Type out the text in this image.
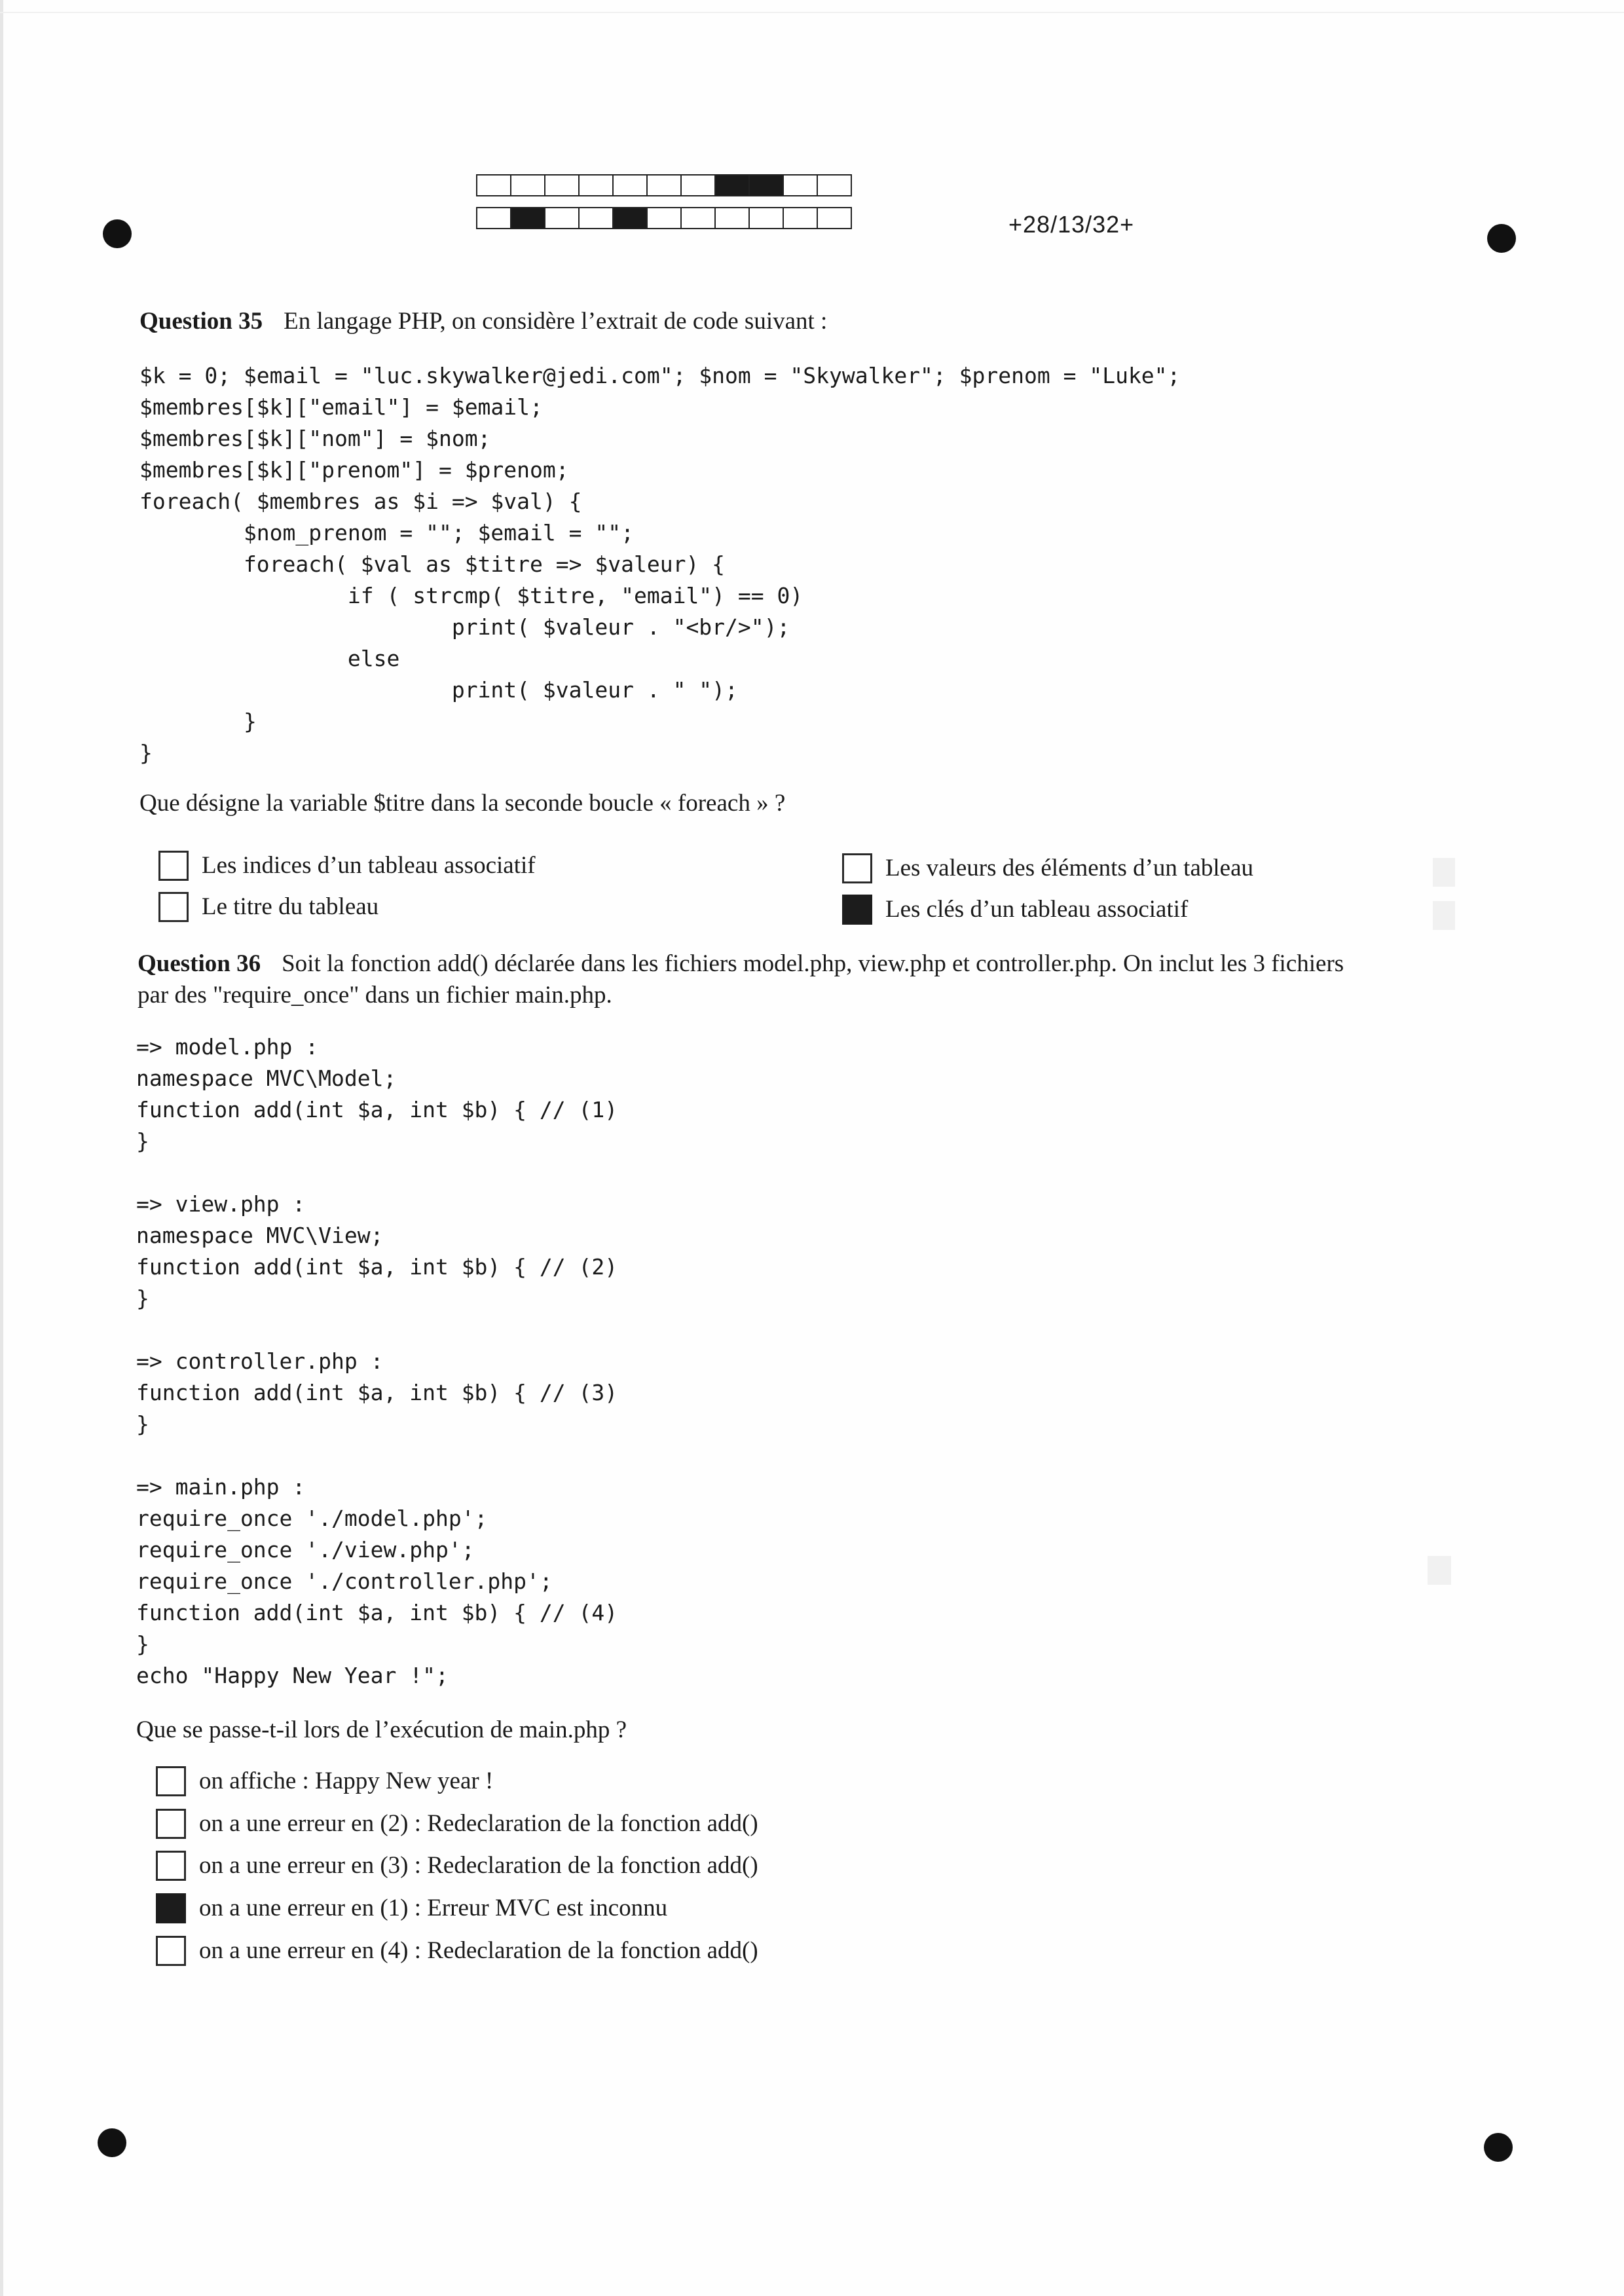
+28/13/32+
Question 35 En langage PHP, on considère l’extrait de code suivant :
$k = 0; $email = "luc.skywalker@jedi.com"; $nom = "Skywalker"; $prenom = "Luke";
$membres[$k]["email"] = $email;
$membres[$k]["nom"] = $nom;
$membres[$k]["prenom"] = $prenom;
foreach( $membres as $i => $val) {
$nom_prenom = ""; $email = "";
foreach( $val as $titre => $valeur) {
if ( strcmp( $titre, "email") == 0)
print( $valeur . "<br/>");
else
print( $valeur . " ");
}
}
Que désigne la variable $titre dans la seconde boucle « foreach » ?
Les indices d’un tableau associatif	Les valeurs des éléments d’un tableau
Le titre du tableau	Les clés d’un tableau associatif
Question 36 Soit la fonction add() déclarée dans les fichiers model.php, view.php et controller.php. On inclut les 3 fichiers
par des "require_once" dans un fichier main.php.
=> model.php :
namespace MVC\Model;
function add(int $a, int $b) { // (1)
}

=> view.php :
namespace MVC\View;
function add(int $a, int $b) { // (2)
}

=> controller.php :
function add(int $a, int $b) { // (3)
}

=> main.php :
require_once './model.php';
require_once './view.php';
require_once './controller.php';
function add(int $a, int $b) { // (4)
}
echo "Happy New Year !";
Que se passe-t-il lors de l’exécution de main.php ?
on affiche : Happy New year !
on a une erreur en (2) : Redeclaration de la fonction add()
on a une erreur en (3) : Redeclaration de la fonction add()
on a une erreur en (1) : Erreur MVC est inconnu
on a une erreur en (4) : Redeclaration de la fonction add()
